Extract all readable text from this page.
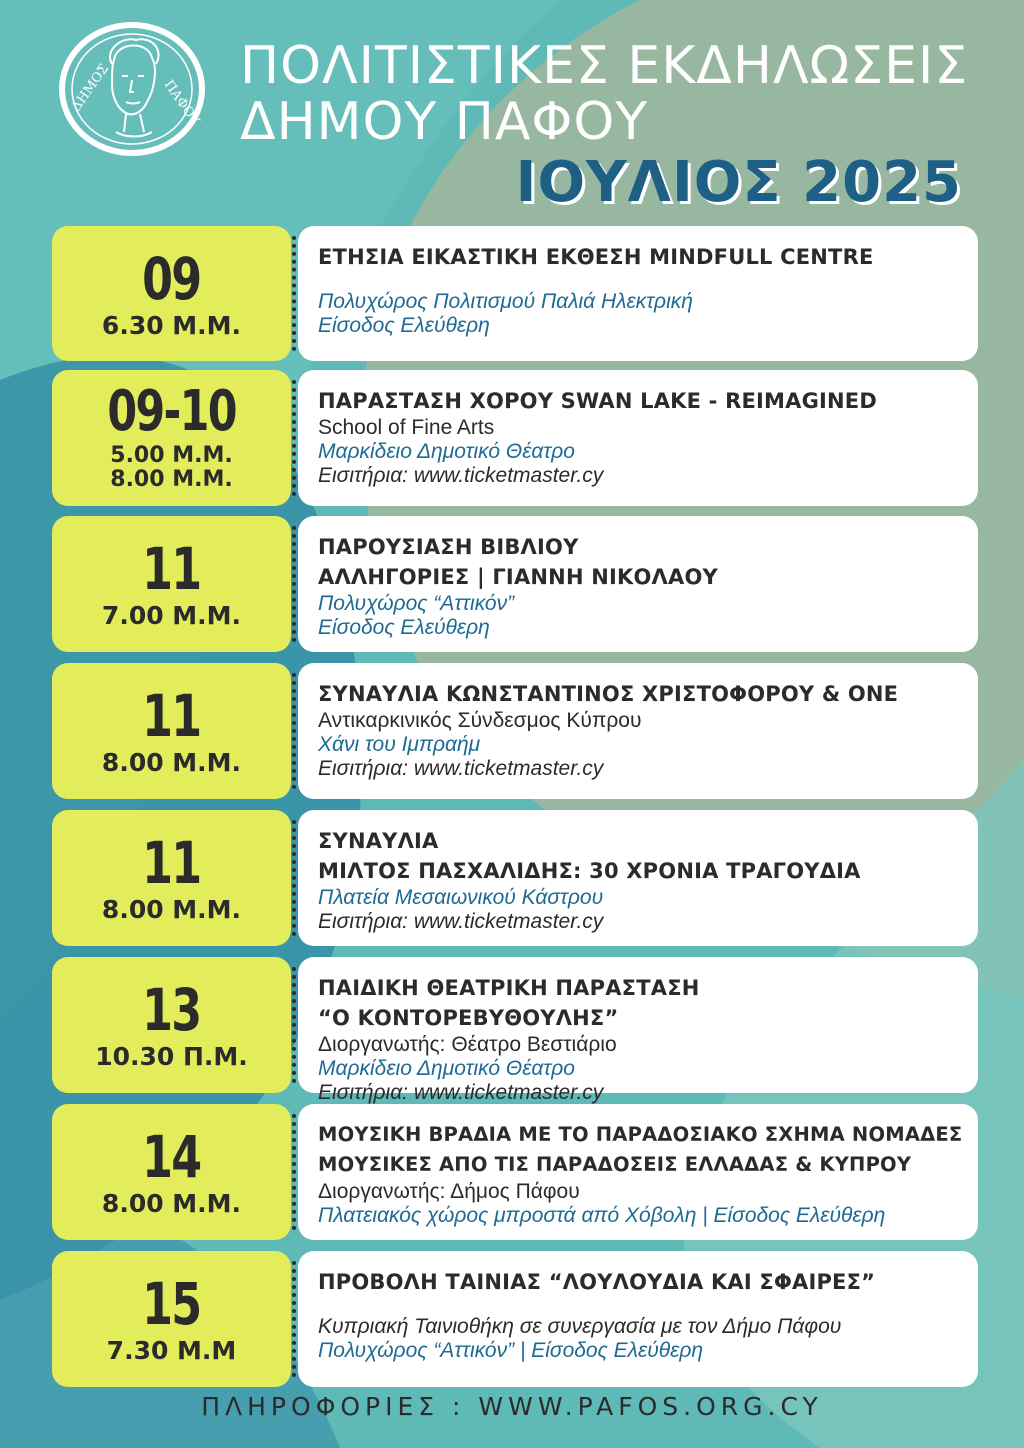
ΔΗΜΟΣ	ΠΑΦΟΥ
ΠΟΛΙΤΙΣΤΙΚΕΣ ΕΚΔΗΛΩΣΕΙΣ
ΔΗΜΟΥ ΠΑΦΟΥ
ΙΟΥΛΙΟΣ 2025
09
6.30 Μ.Μ.
ΕΤΗΣΙΑ ΕΙΚΑΣΤΙΚΗ ΕΚΘΕΣΗ MINDFULL CENTRE
Πολυχώρος Πολιτισμού Παλιά Ηλεκτρική
Είσοδος Ελεύθερη
09-10
5.00 Μ.Μ.
8.00 Μ.Μ.
ΠΑΡΑΣΤΑΣΗ ΧΟΡΟΥ SWAN LAKE - REIMAGINED
School of Fine Arts
Μαρκίδειο Δημοτικό Θέατρο
Εισιτήρια: www.ticketmaster.cy
11
7.00 Μ.Μ.
ΠΑΡΟΥΣΙΑΣΗ ΒΙΒΛΙΟΥ
ΑΛΛΗΓΟΡΙΕΣ | ΓΙΑΝΝΗ ΝΙΚΟΛΑΟΥ
Πολυχώρος “Αττικόν”
Είσοδος Ελεύθερη
11
8.00 Μ.Μ.
ΣΥΝΑΥΛΙΑ ΚΩΝΣΤΑΝΤΙΝΟΣ ΧΡΙΣΤΟΦΟΡΟΥ & ONE
Αντικαρκινικός Σύνδεσμος Κύπρου
Χάνι του Ιμπραήμ
Εισιτήρια: www.ticketmaster.cy
11
8.00 Μ.Μ.
ΣΥΝΑΥΛΙΑ
ΜΙΛΤΟΣ ΠΑΣΧΑΛΙΔΗΣ: 30 ΧΡΟΝΙΑ ΤΡΑΓΟΥΔΙΑ
Πλατεία Μεσαιωνικού Κάστρου
Εισιτήρια: www.ticketmaster.cy
13
10.30 Π.Μ.
ΠΑΙΔΙΚΗ ΘΕΑΤΡΙΚΗ ΠΑΡΑΣΤΑΣΗ
“Ο ΚΟΝΤΟΡΕΒΥΘΟΥΛΗΣ”
Διοργανωτής: Θέατρο Βεστιάριο
Μαρκίδειο Δημοτικό Θέατρο
Εισιτήρια: www.ticketmaster.cy
14
8.00 Μ.Μ.
ΜΟΥΣΙΚΗ ΒΡΑΔΙΑ ΜΕ ΤΟ ΠΑΡΑΔΟΣΙΑΚΟ ΣΧΗΜΑ ΝΟΜΑΔΕΣ
ΜΟΥΣΙΚΕΣ ΑΠΟ ΤΙΣ ΠΑΡΑΔΟΣΕΙΣ ΕΛΛΑΔΑΣ & ΚΥΠΡΟΥ
Διοργανωτής: Δήμος Πάφου
Πλατειακός χώρος μπροστά από Χόβολη | Είσοδος Ελεύθερη
15
7.30 Μ.Μ
ΠΡΟΒΟΛΗ ΤΑΙΝΙΑΣ “ΛΟΥΛΟΥΔΙΑ ΚΑΙ ΣΦΑΙΡΕΣ”
Κυπριακή Ταινιοθήκη σε συνεργασία με τον Δήμο Πάφου
Πολυχώρος “Αττικόν” | Είσοδος Ελεύθερη
ΠΛΗΡΟΦΟΡΙΕΣ : WWW.PAFOS.ORG.CY
